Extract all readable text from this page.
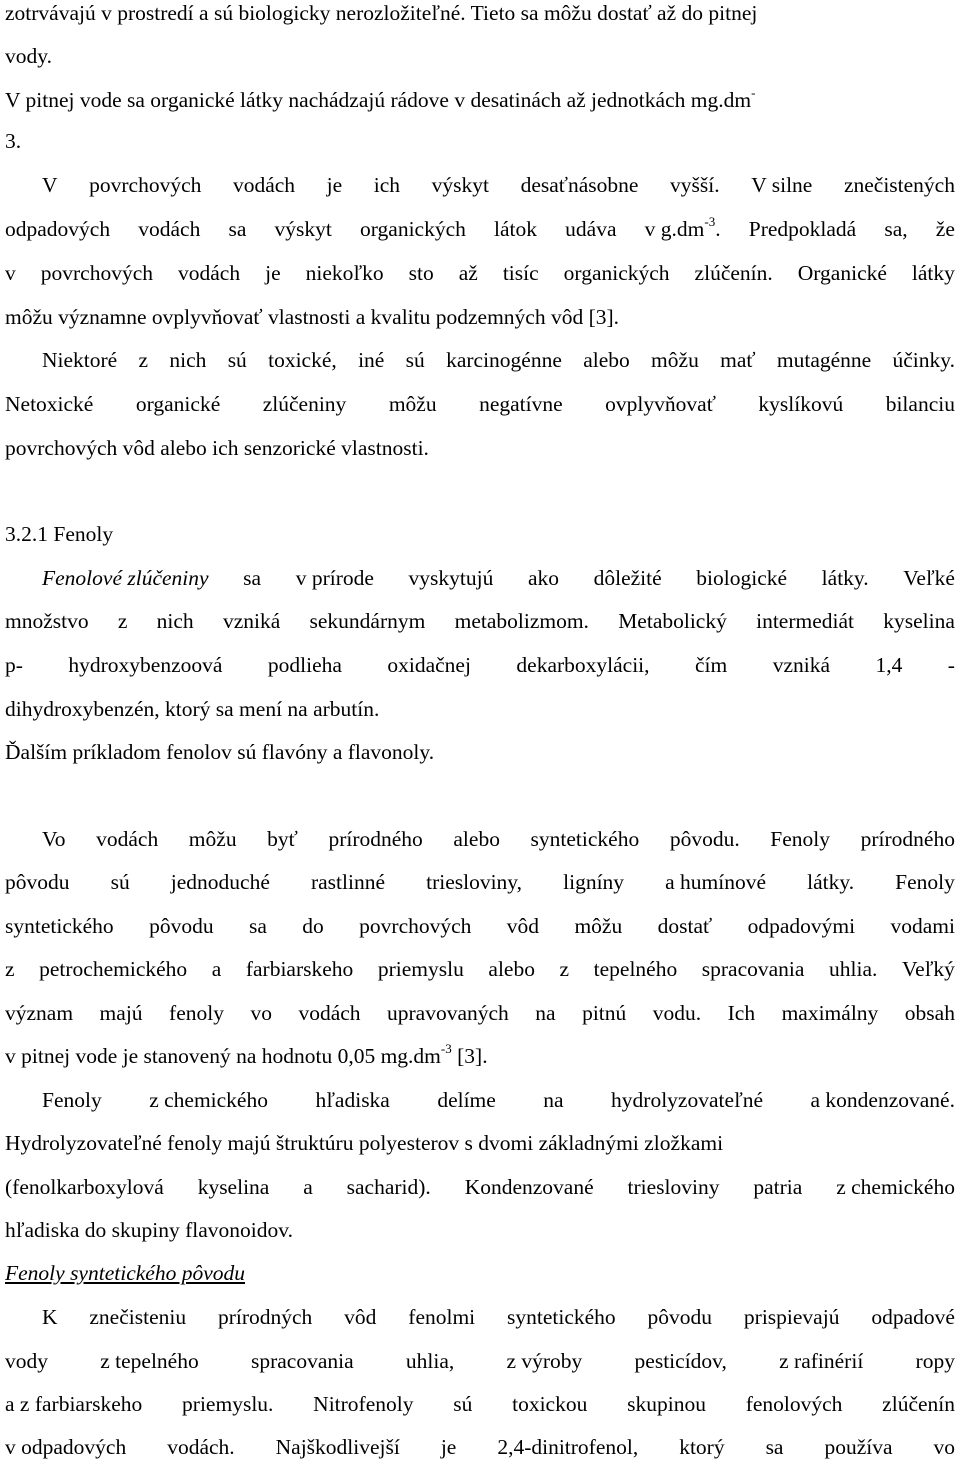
zotrvávajú v prostredí a sú biologicky nerozložiteľné. Tieto sa môžu dostať až do pitnej
vody.
V pitnej vode sa organické látky nachádzajú rádove v desatinách až jednotkách mg.dm-
3.
V povrchových vodách je ich výskyt desaťnásobne vyšší. V silne znečistených
odpadových vodách sa výskyt organických látok udáva v $g.dm^{-3}$. Predpokladá sa, že
v povrchových vodách je niekoľko sto až tisíc organických zlúčenín. Organické látky
môžu významne ovplyvňovať vlastnosti a kvalitu podzemných vôd [3].
Niektoré z nich sú toxické, iné sú karcinogénne alebo môžu mať mutagénne účinky.
Netoxické organické zlúčeniny môžu negatívne ovplyvňovať kyslíkovú bilanciu
povrchových vôd alebo ich senzorické vlastnosti.
3.2.1 Fenoly
Fenolové zlúčeniny sa v prírode vyskytujú ako dôležité biologické látky. Veľké
množstvo z nich vzniká sekundárnym metabolizmom. Metabolický intermediát kyselina
p- hydroxybenzoová podlieha oxidačnej dekarboxylácii, čím vzniká 1,4 -
dihydroxybenzén, ktorý sa mení na arbutín.
Ďalším príkladom fenolov sú flavóny a flavonoly.
Vo vodách môžu byť prírodného alebo syntetického pôvodu. Fenoly prírodného
pôvodu sú jednoduché rastlinné triesloviny, ligníny a humínové látky. Fenoly
syntetického pôvodu sa do povrchových vôd môžu dostať odpadovými vodami
z petrochemického a farbiarskeho priemyslu alebo z tepelného spracovania uhlia. Veľký
význam majú fenoly vo vodách upravovaných na pitnú vodu. Ich maximálny obsah
v pitnej vode je stanovený na hodnotu 0,05 $mg.dm^{-3}$ [3].
Fenoly z chemického hľadiska delíme na hydrolyzovateľné a kondenzované.
Hydrolyzovateľné fenoly majú štruktúru polyesterov s dvomi základnými zložkami
(fenolkarboxylová kyselina a sacharid). Kondenzované triesloviny patria z chemického
hľadiska do skupiny flavonoidov.
Fenoly syntetického pôvodu
K znečisteniu prírodných vôd fenolmi syntetického pôvodu prispievajú odpadové
vody z tepelného spracovania uhlia, z výroby pesticídov, z rafinérií ropy
a z farbiarskeho priemyslu. Nitrofenoly sú toxickou skupinou fenolových zlúčenín
v odpadových vodách. Najškodlivejší je 2,4-dinitrofenol, ktorý sa používa vo
